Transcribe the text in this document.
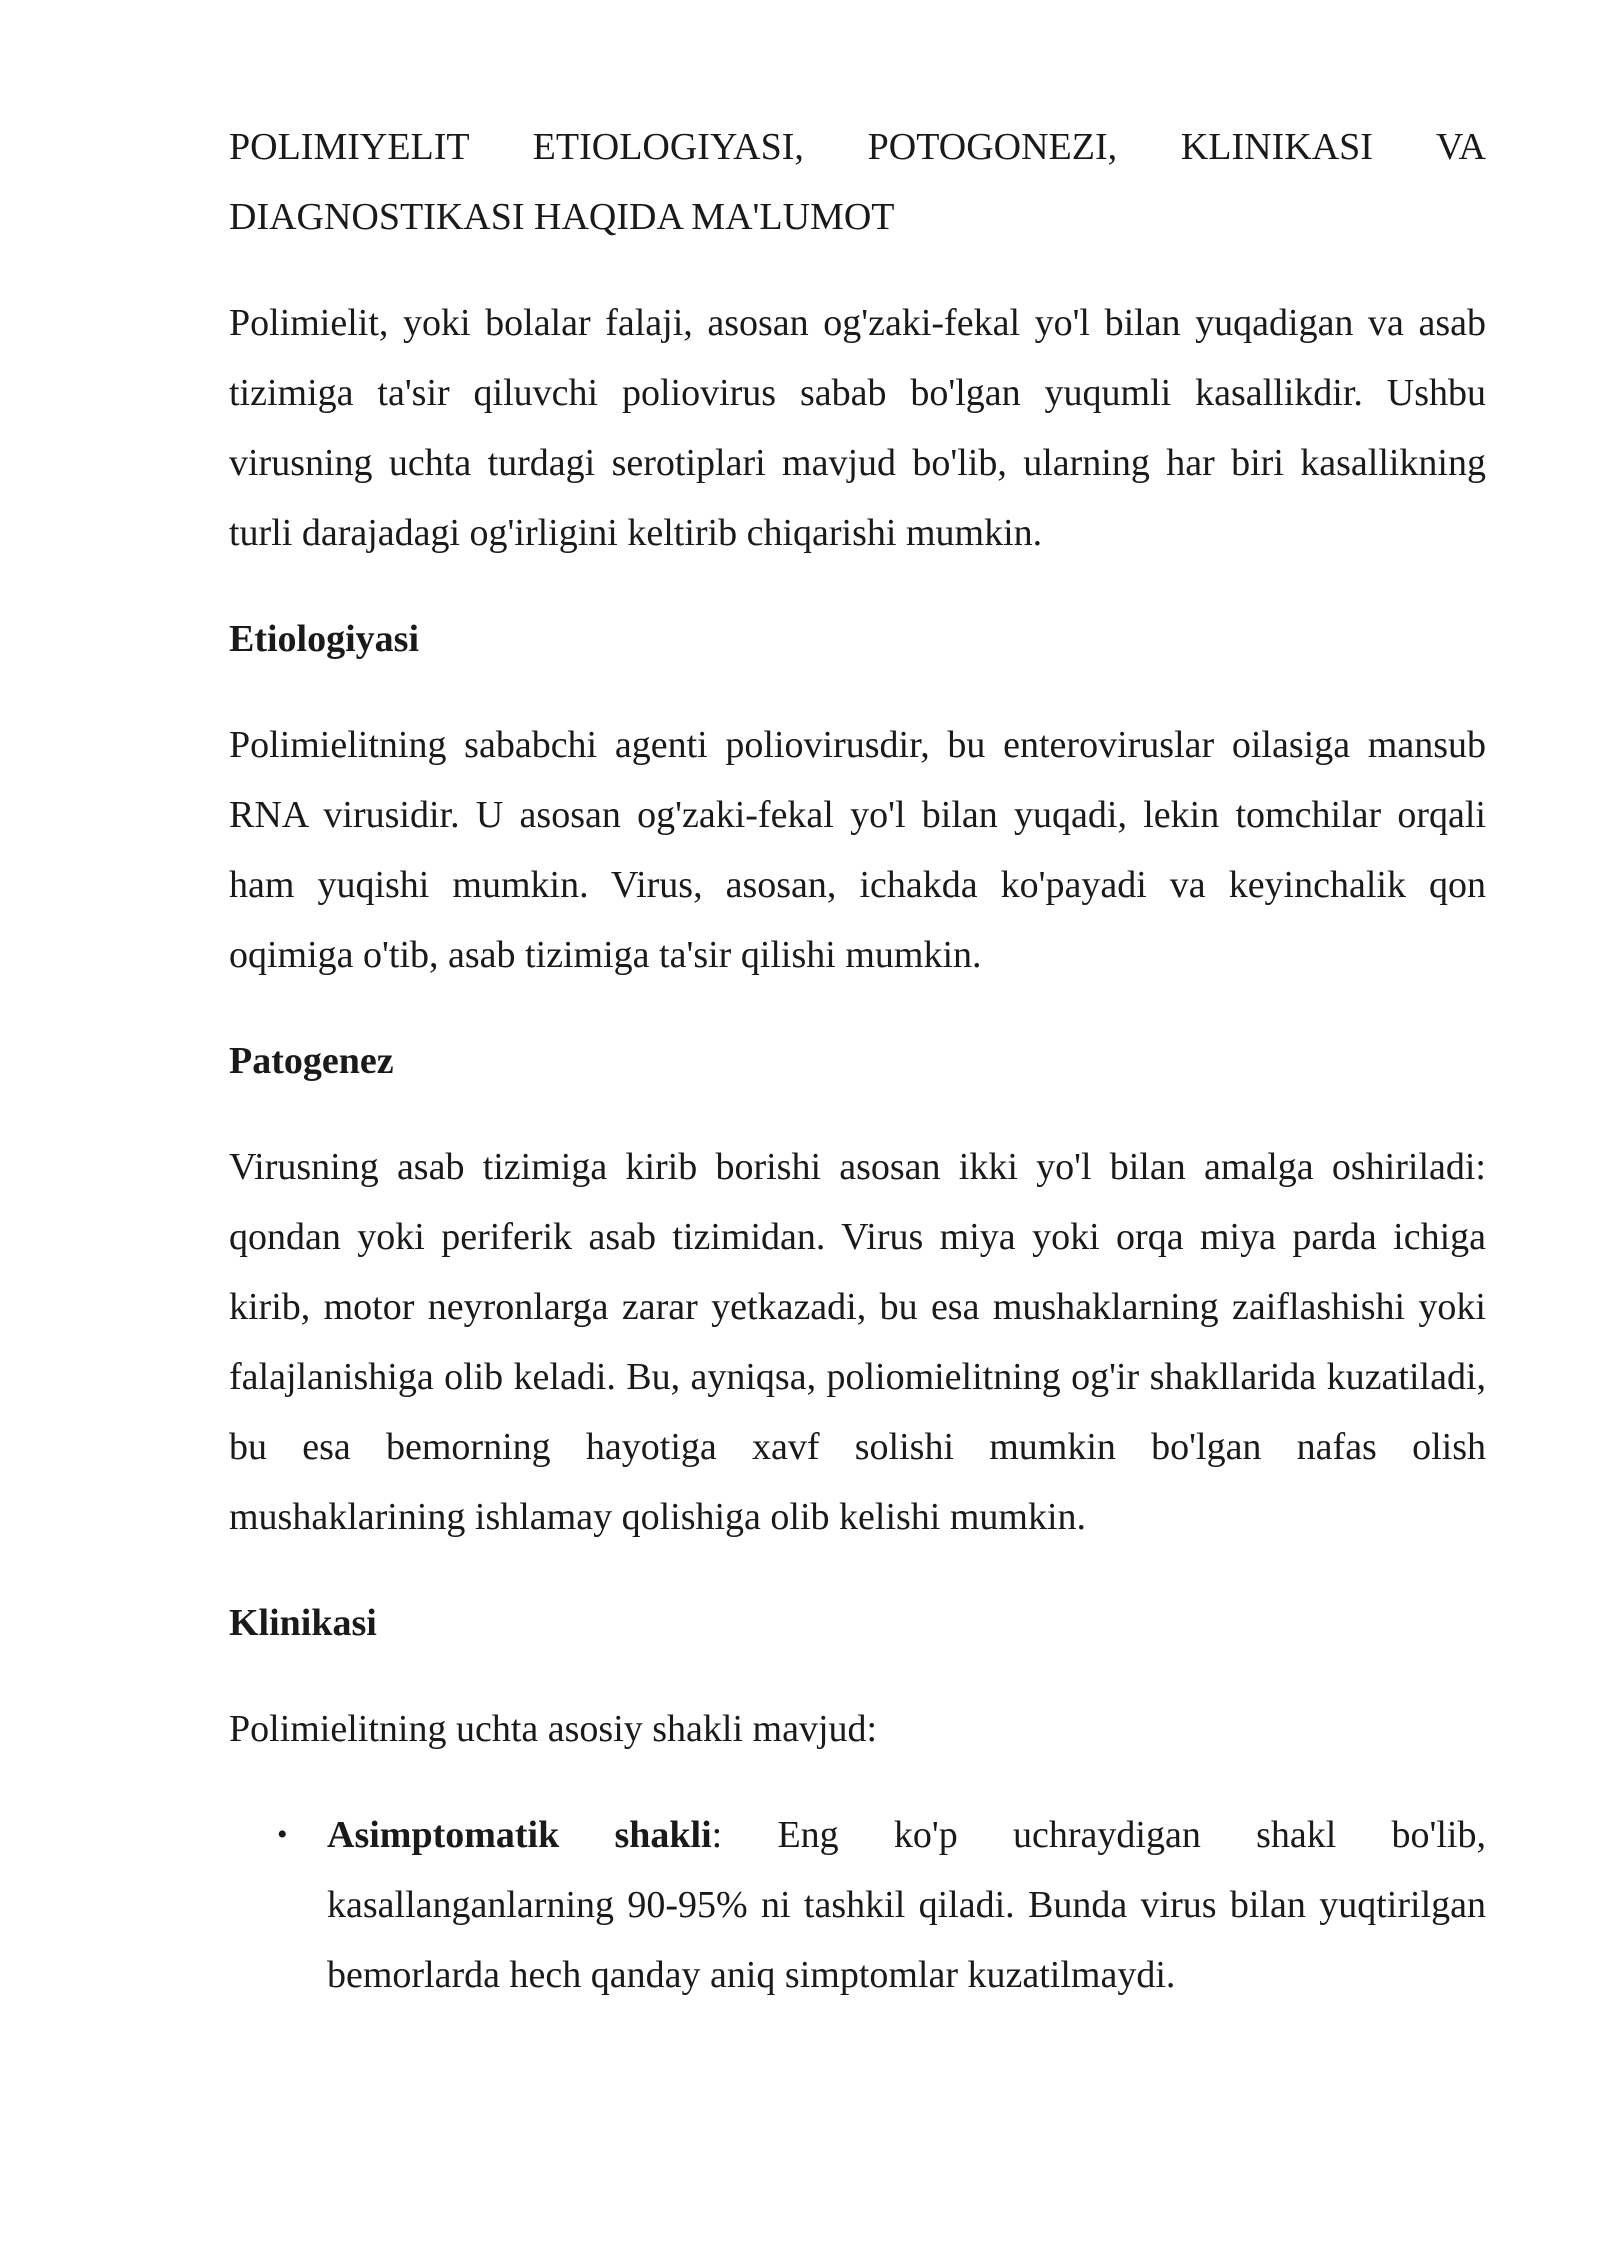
POLIMIYELIT ETIOLOGIYASI, POTOGONEZI, KLINIKASI VA
DIAGNOSTIKASI HAQIDA MA'LUMOT

Polimielit, yoki bolalar falaji, asosan og'zaki-fekal yo'l bilan yuqadigan va asab tizimiga ta'sir qiluvchi poliovirus sabab bo'lgan yuqumli kasallikdir. Ushbu virusning uchta turdagi serotiplari mavjud bo'lib, ularning har biri kasallikning turli darajadagi og'irligini keltirib chiqarishi mumkin.

Etiologiyasi

Polimielitning sababchi agenti poliovirusdir, bu enteroviruslar oilasiga mansub RNA virusidir. U asosan og'zaki-fekal yo'l bilan yuqadi, lekin tomchilar orqali ham yuqishi mumkin. Virus, asosan, ichakda ko'payadi va keyinchalik qon oqimiga o'tib, asab tizimiga ta'sir qilishi mumkin.

Patogenez

Virusning asab tizimiga kirib borishi asosan ikki yo'l bilan amalga oshiriladi: qondan yoki periferik asab tizimidan. Virus miya yoki orqa miya parda ichiga kirib, motor neyronlarga zarar yetkazadi, bu esa mushaklarning zaiflashishi yoki falajlanishiga olib keladi. Bu, ayniqsa, poliomielitning og'ir shakllarida kuzatiladi, bu esa bemorning hayotiga xavf solishi mumkin bo'lgan nafas olish mushaklarining ishlamay qolishiga olib kelishi mumkin.

Klinikasi

Polimielitning uchta asosiy shakli mavjud:

• Asimptomatik shakli: Eng ko'p uchraydigan shakl bo'lib, kasallanganlarning 90-95% ni tashkil qiladi. Bunda virus bilan yuqtirilgan bemorlarda hech qanday aniq simptomlar kuzatilmaydi.
